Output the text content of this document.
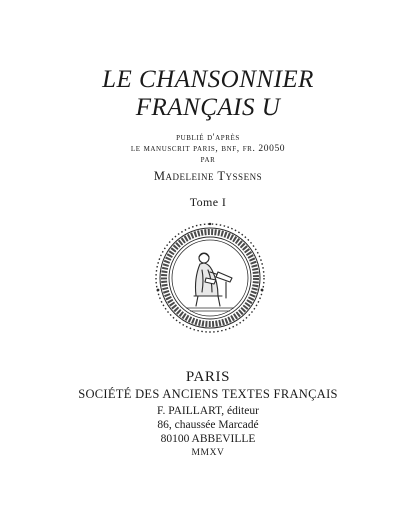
LE CHANSONNIER
FRANÇAIS U
publié d'après
le manuscrit paris, bnf, fr. 20050
par
Madeleine Tyssens
Tome I
PARIS
SOCIÉTÉ DES ANCIENS TEXTES FRANÇAIS
F. PAILLART, éditeur
86, chaussée Marcadé
80100 ABBEVILLE
MMXV
